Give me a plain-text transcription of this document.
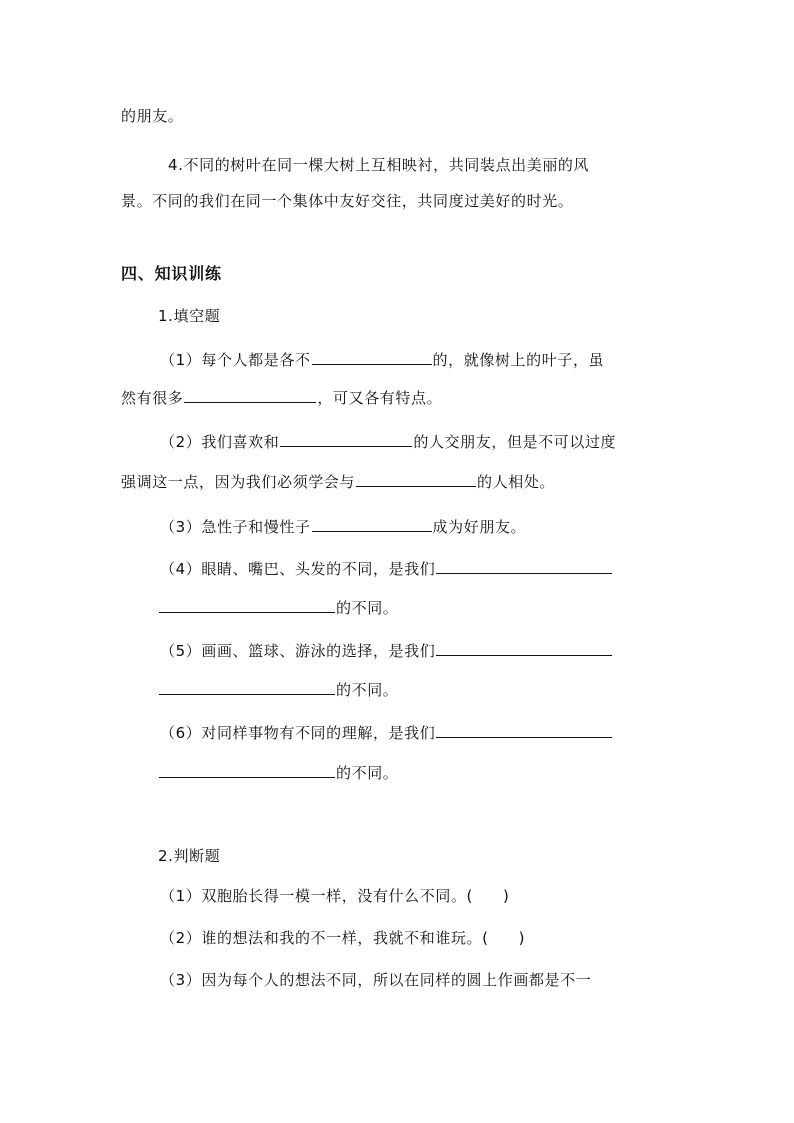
的朋友。
4.不同的树叶在同一棵大树上互相映衬，共同装点出美丽的风
景。不同的我们在同一个集体中友好交往，共同度过美好的时光。
四、知识训练
1.填空题
（1）每个人都是各不	的，就像树上的叶子，虽
然有很多	，可又各有特点。
（2）我们喜欢和	的人交朋友，但是不可以过度
强调这一点，因为我们必须学会与	的人相处。
（3）急性子和慢性子	成为好朋友。
（4）眼睛、嘴巴、头发的不同，是我们
的不同。
（5）画画、篮球、游泳的选择，是我们
的不同。
（6）对同样事物有不同的理解，是我们
的不同。
2.判断题
（1）双胞胎长得一模一样，没有什么不同。( )
（2）谁的想法和我的不一样，我就不和谁玩。( )
（3）因为每个人的想法不同，所以在同样的圆上作画都是不一
